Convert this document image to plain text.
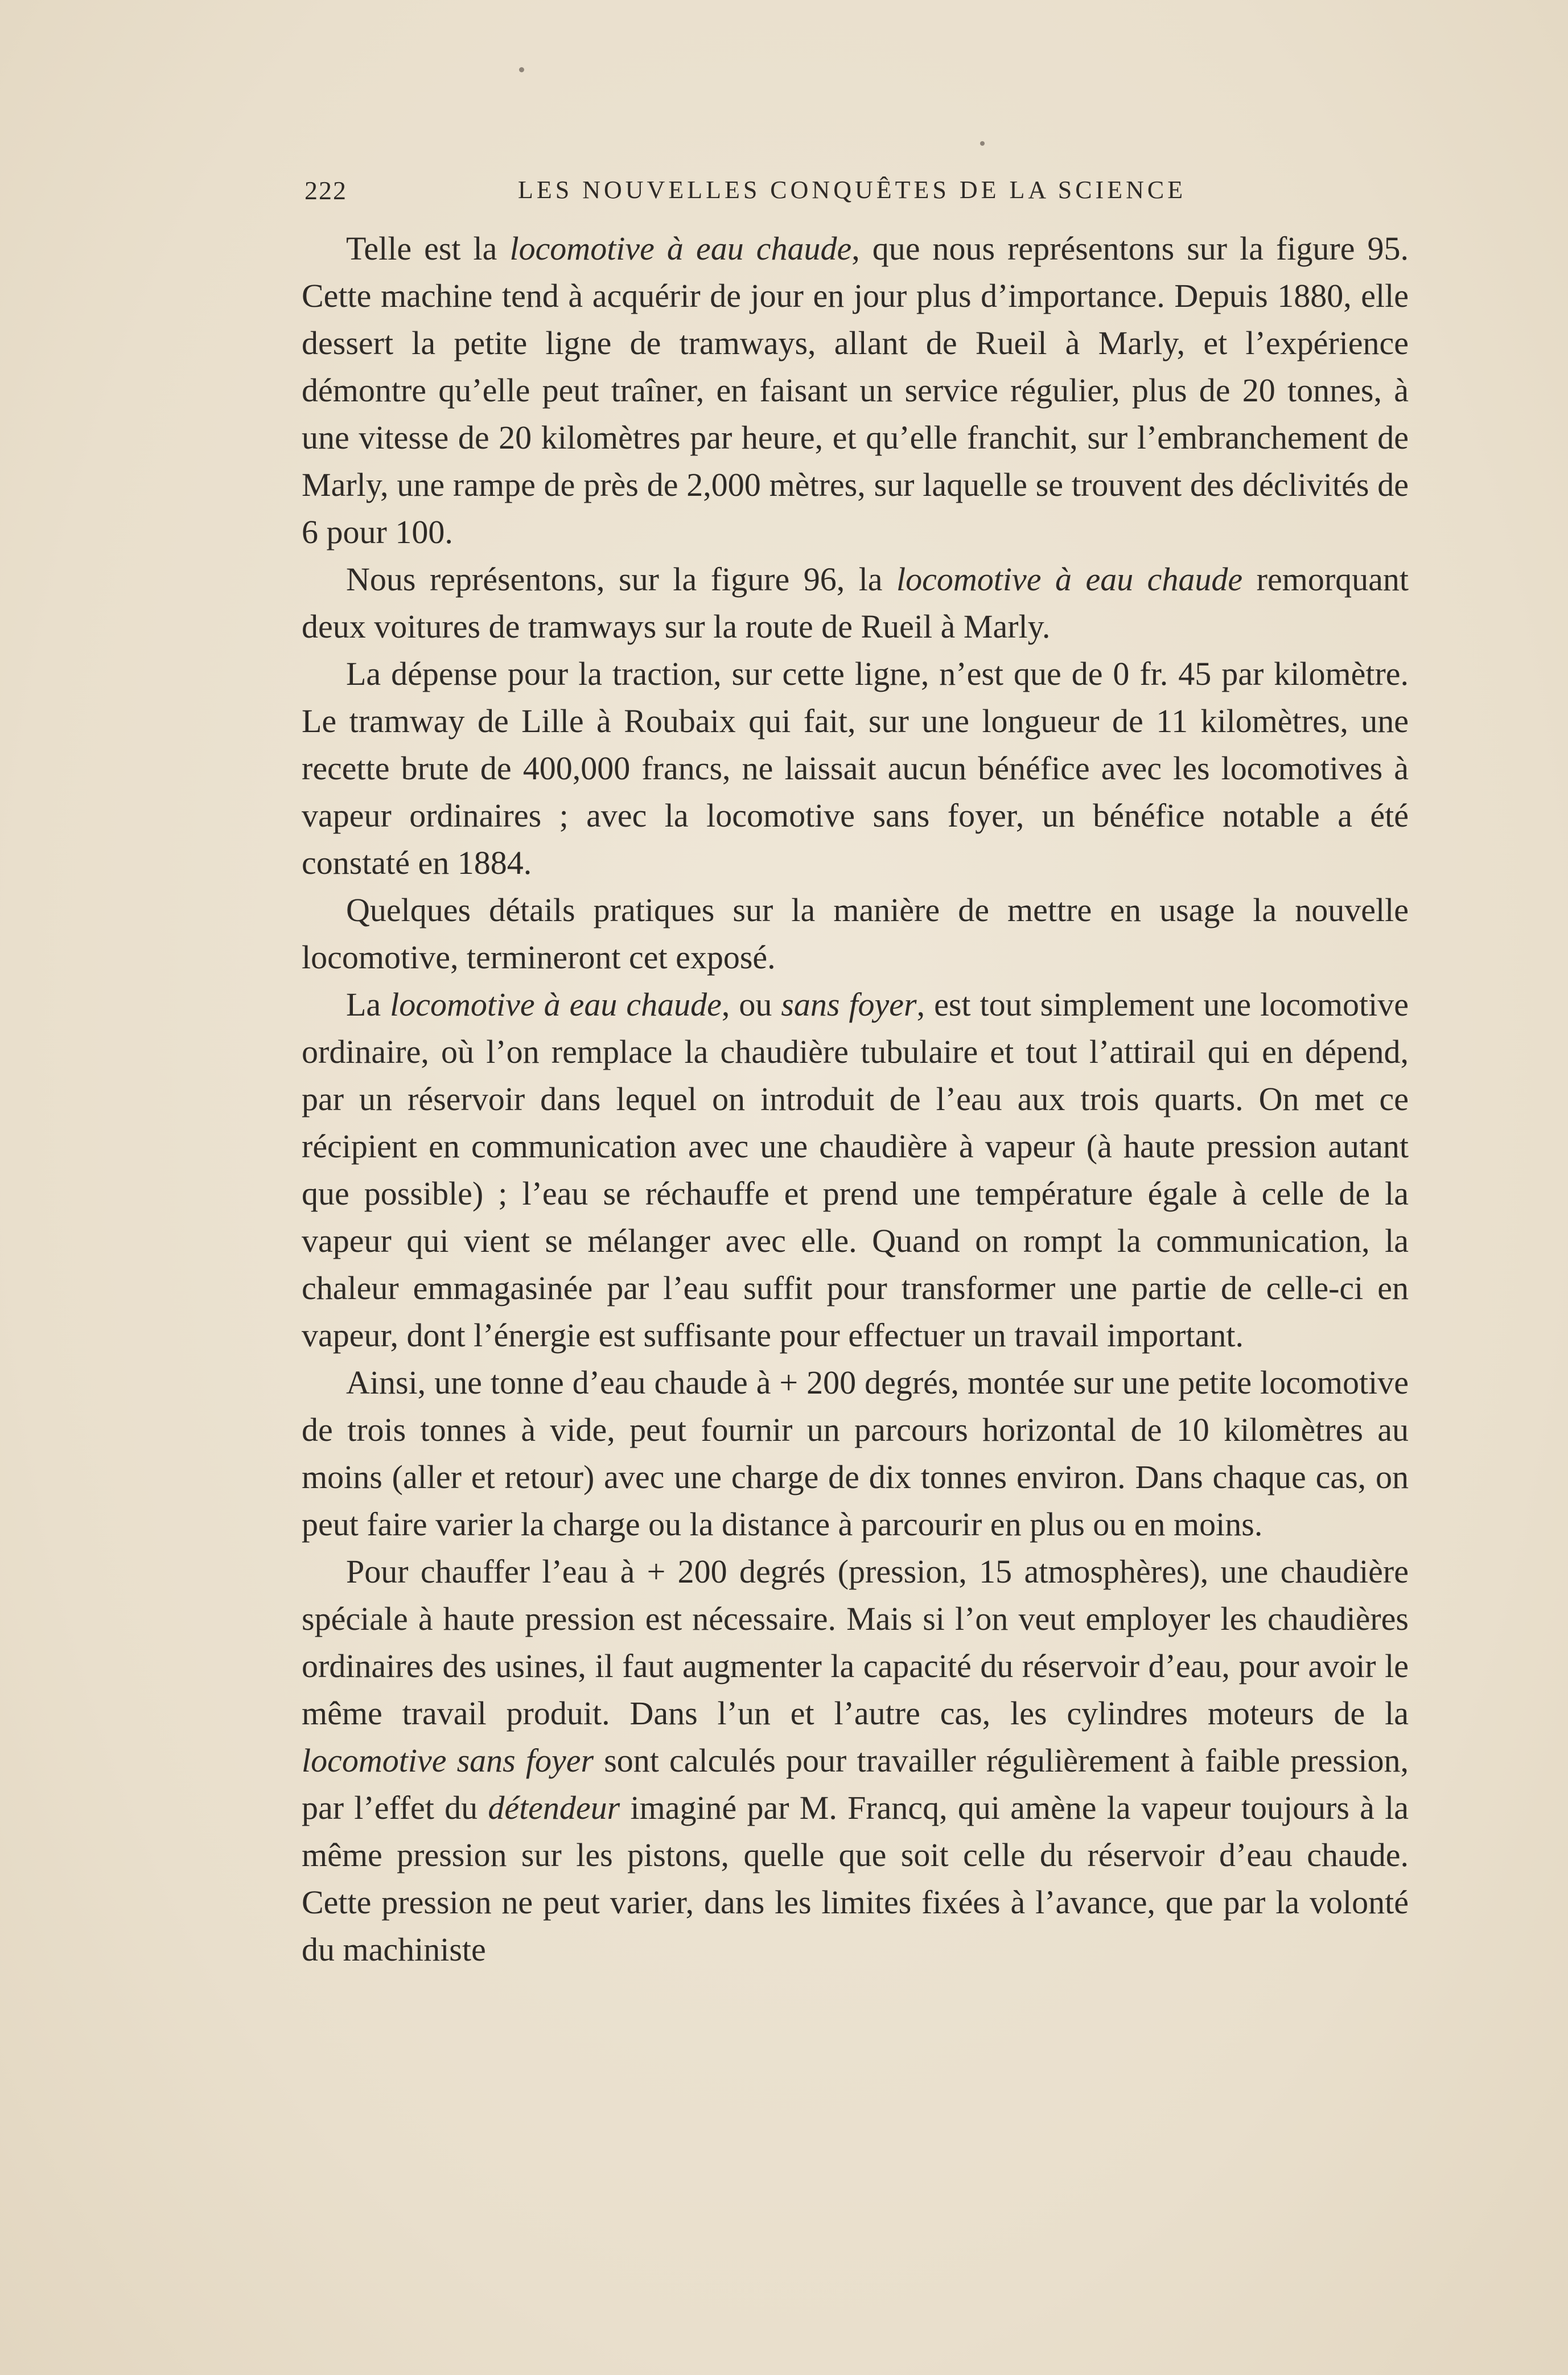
222	LES NOUVELLES CONQUÊTES DE LA SCIENCE

Telle est la locomotive à eau chaude, que nous représentons sur la figure 95. Cette machine tend à acquérir de jour en jour plus d’importance. Depuis 1880, elle dessert la petite ligne de tramways, allant de Rueil à Marly, et l’expérience démontre qu’elle peut traîner, en faisant un service régulier, plus de 20 tonnes, à une vitesse de 20 kilomètres par heure, et qu’elle franchit, sur l’embranchement de Marly, une rampe de près de 2,000 mètres, sur laquelle se trouvent des déclivités de 6 pour 100.

Nous représentons, sur la figure 96, la locomotive à eau chaude remorquant deux voitures de tramways sur la route de Rueil à Marly.

La dépense pour la traction, sur cette ligne, n’est que de 0 fr. 45 par kilomètre. Le tramway de Lille à Roubaix qui fait, sur une longueur de 11 kilomètres, une recette brute de 400,000 francs, ne laissait aucun bénéfice avec les locomotives à vapeur ordinaires ; avec la locomotive sans foyer, un bénéfice notable a été constaté en 1884.

Quelques détails pratiques sur la manière de mettre en usage la nouvelle locomotive, termineront cet exposé.

La locomotive à eau chaude, ou sans foyer, est tout simplement une locomotive ordinaire, où l’on remplace la chaudière tubulaire et tout l’attirail qui en dépend, par un réservoir dans lequel on introduit de l’eau aux trois quarts. On met ce récipient en communication avec une chaudière à vapeur (à haute pression autant que possible) ; l’eau se réchauffe et prend une température égale à celle de la vapeur qui vient se mélanger avec elle. Quand on rompt la communication, la chaleur emmagasinée par l’eau suffit pour transformer une partie de celle-ci en vapeur, dont l’énergie est suffisante pour effectuer un travail important.

Ainsi, une tonne d’eau chaude à + 200 degrés, montée sur une petite locomotive de trois tonnes à vide, peut fournir un parcours horizontal de 10 kilomètres au moins (aller et retour) avec une charge de dix tonnes environ. Dans chaque cas, on peut faire varier la charge ou la distance à parcourir en plus ou en moins.

Pour chauffer l’eau à + 200 degrés (pression, 15 atmosphères), une chaudière spéciale à haute pression est nécessaire. Mais si l’on veut employer les chaudières ordinaires des usines, il faut augmenter la capacité du réservoir d’eau, pour avoir le même travail produit. Dans l’un et l’autre cas, les cylindres moteurs de la locomotive sans foyer sont calculés pour travailler régulièrement à faible pression, par l’effet du détendeur imaginé par M. Francq, qui amène la vapeur toujours à la même pression sur les pistons, quelle que soit celle du réservoir d’eau chaude. Cette pression ne peut varier, dans les limites fixées à l’avance, que par la volonté du machiniste
